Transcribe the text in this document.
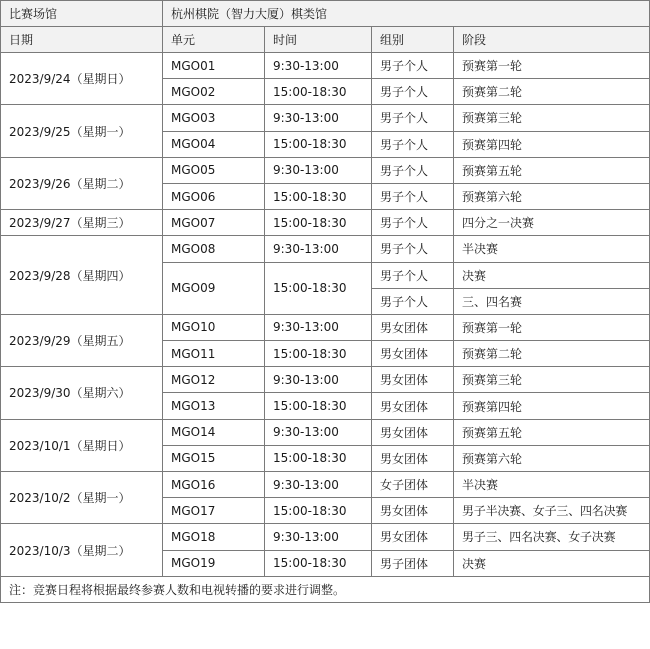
比赛场馆	杭州棋院（智力大厦）棋类馆			
日期	单元	时间	组别	阶段
2023/9/24（星期日）	MGO01	9:30-13:00	男子个人	预赛第一轮
	MGO02	15:00-18:30	男子个人	预赛第二轮
2023/9/25（星期一）	MGO03	9:30-13:00	男子个人	预赛第三轮
	MGO04	15:00-18:30	男子个人	预赛第四轮
2023/9/26（星期二）	MGO05	9:30-13:00	男子个人	预赛第五轮
	MGO06	15:00-18:30	男子个人	预赛第六轮
2023/9/27（星期三）	MGO07	15:00-18:30	男子个人	四分之一决赛
2023/9/28（星期四）	MGO08	9:30-13:00	男子个人	半决赛
	MGO09	15:00-18:30	男子个人	决赛
			男子个人	三、四名赛
2023/9/29（星期五）	MGO10	9:30-13:00	男女团体	预赛第一轮
	MGO11	15:00-18:30	男女团体	预赛第二轮
2023/9/30（星期六）	MGO12	9:30-13:00	男女团体	预赛第三轮
	MGO13	15:00-18:30	男女团体	预赛第四轮
2023/10/1（星期日）	MGO14	9:30-13:00	男女团体	预赛第五轮
	MGO15	15:00-18:30	男女团体	预赛第六轮
2023/10/2（星期一）	MGO16	9:30-13:00	女子团体	半决赛
	MGO17	15:00-18:30	男女团体	男子半决赛、女子三、四名决赛

2023/10/3（星期二）	MGO18	9:30-13:00	男女团体	男子三、四名决赛、女子决赛

	MGO19	15:00-18:30	男子团体	决赛
注：竞赛日程将根据最终参赛人数和电视转播的要求进行调整。				
